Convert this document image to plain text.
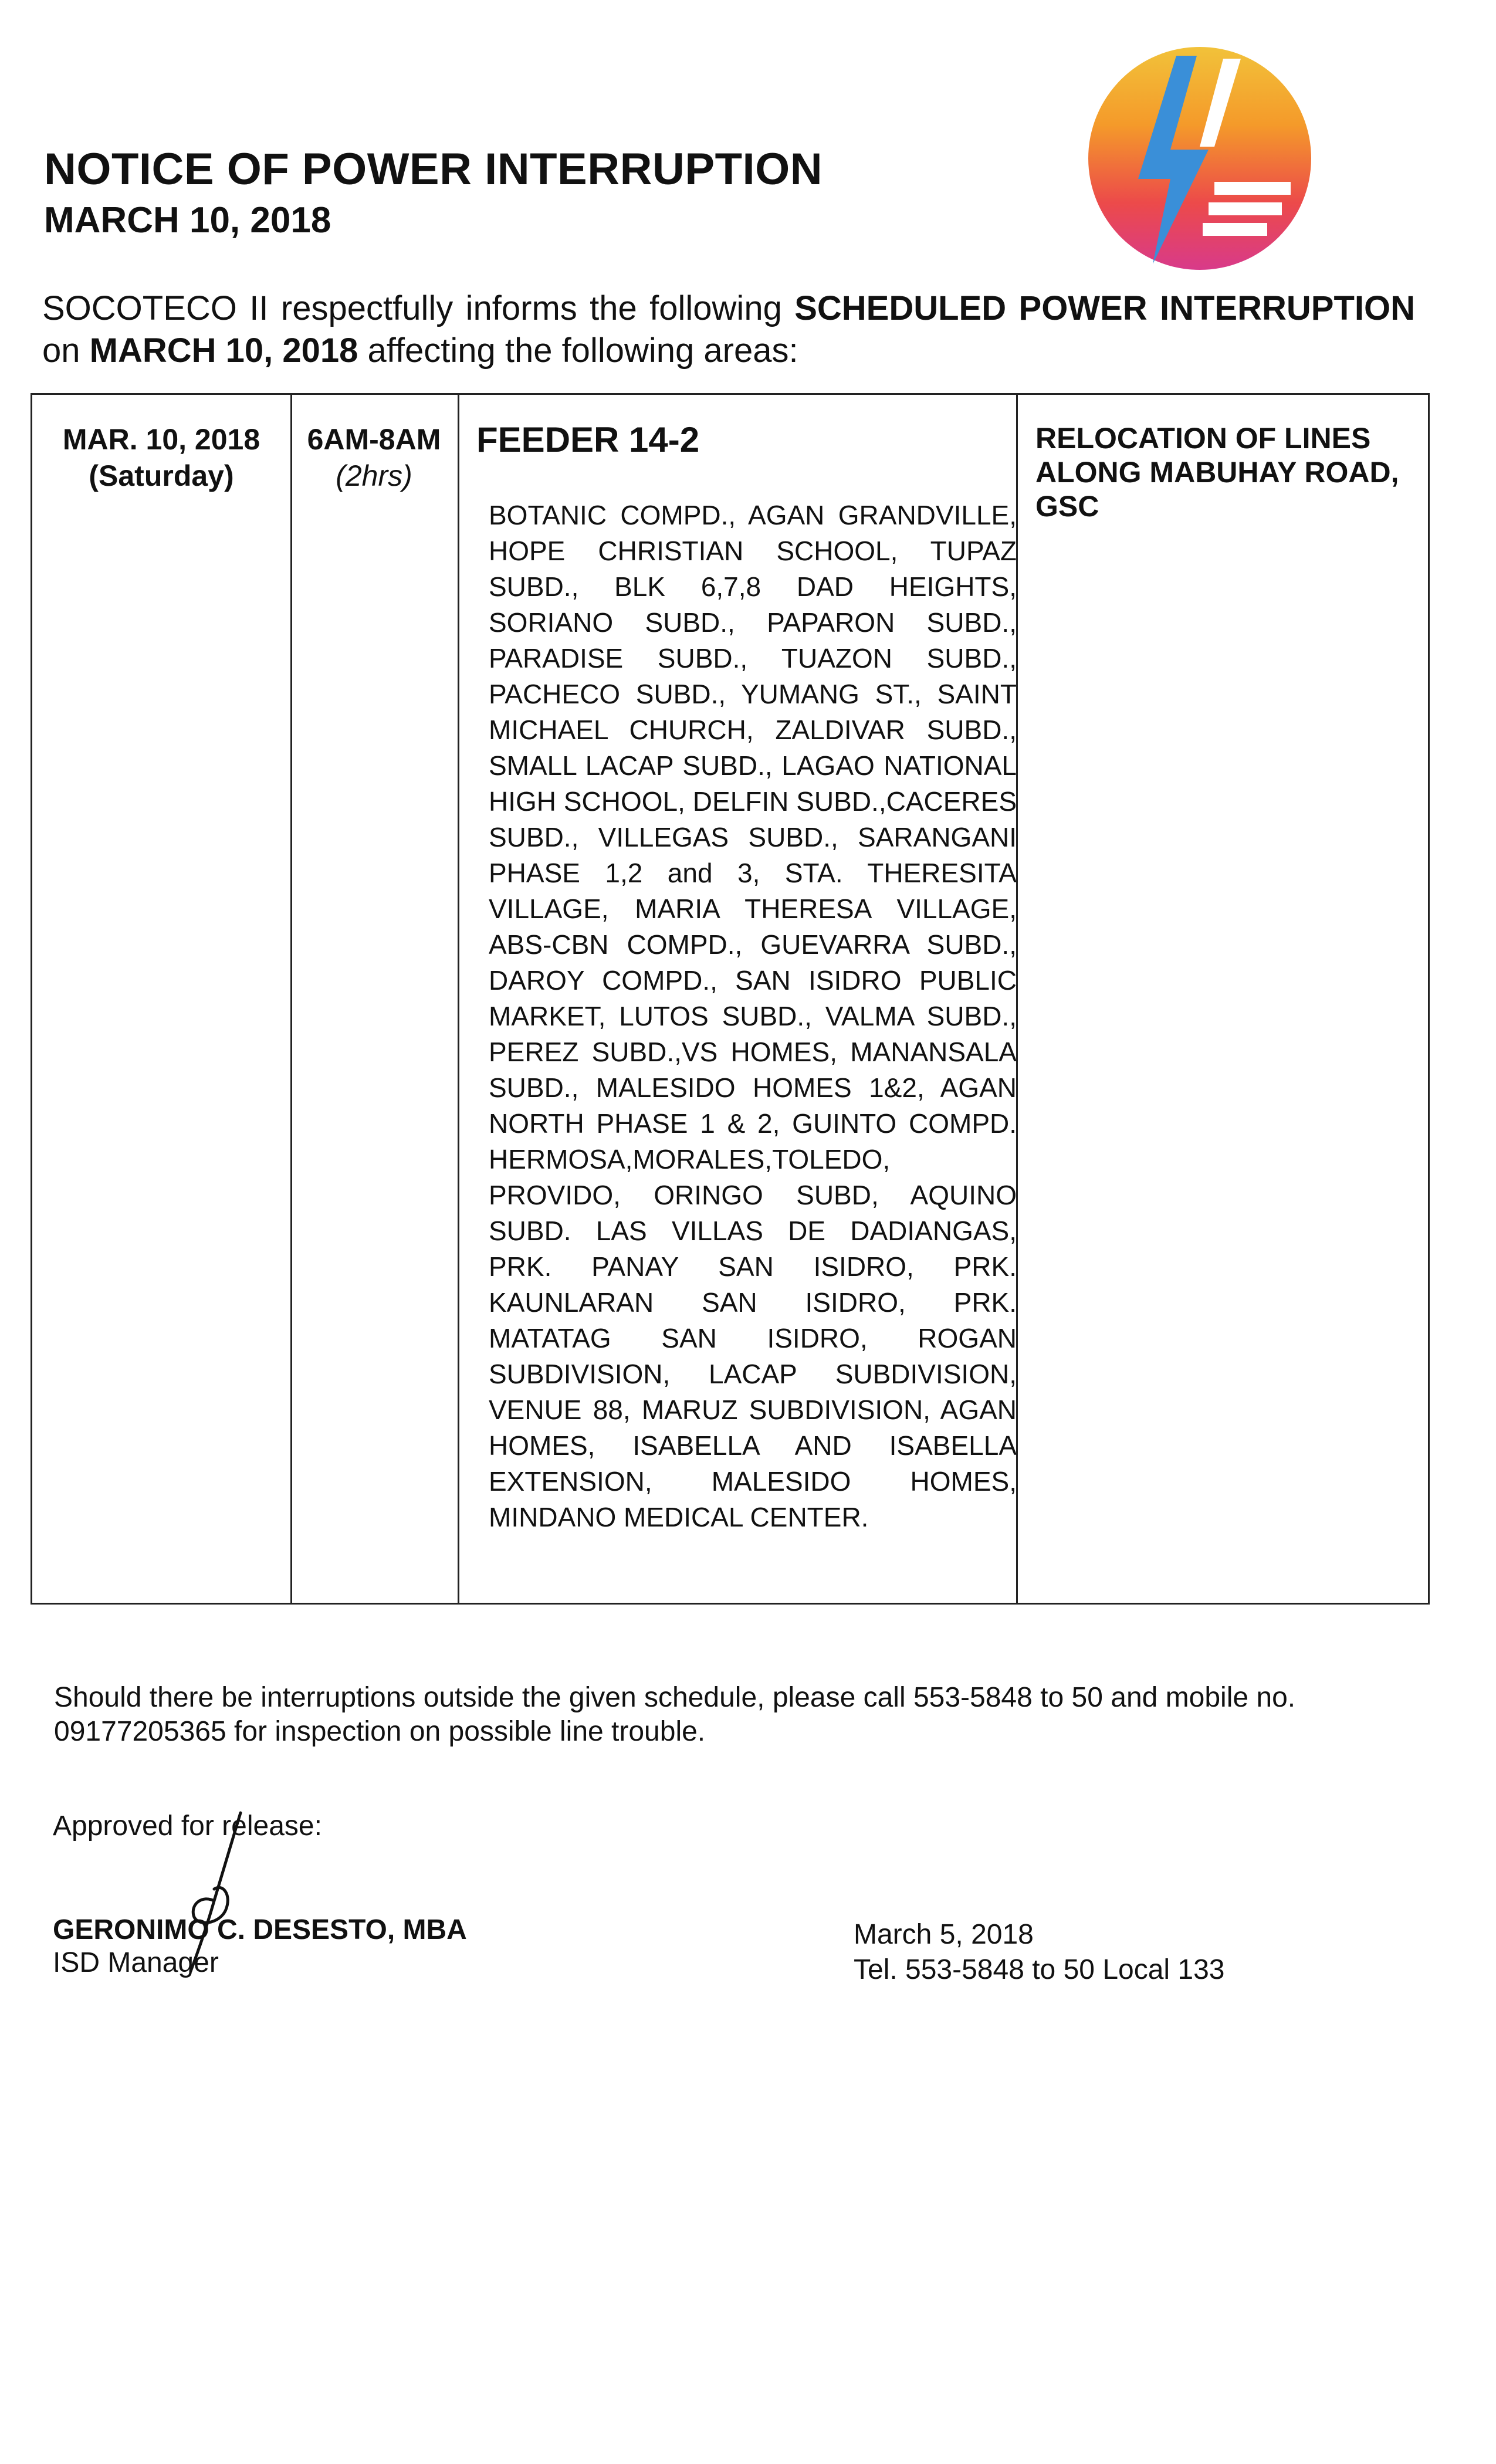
NOTICE OF POWER INTERRUPTION
MARCH 10, 2018
SOCOTECO II respectfully informs the following SCHEDULED POWER INTERRUPTION on MARCH 10, 2018 affecting the following areas:
MAR. 10, 2018
(Saturday)
6AM-8AM
(2hrs)
FEEDER 14-2
BOTANIC COMPD., AGAN GRANDVILLE, HOPE CHRISTIAN SCHOOL, TUPAZ SUBD., BLK 6,7,8 DAD HEIGHTS, SORIANO SUBD., PAPARON SUBD., PARADISE SUBD., TUAZON SUBD., PACHECO SUBD., YUMANG ST., SAINT MICHAEL CHURCH, ZALDIVAR SUBD., SMALL LACAP SUBD., LAGAO NATIONAL HIGH SCHOOL, DELFIN SUBD.,CACERES SUBD., VILLEGAS SUBD., SARANGANI PHASE 1,2 and 3, STA. THERESITA VILLAGE, MARIA THERESA VILLAGE, ABS-CBN COMPD., GUEVARRA SUBD., DAROY COMPD., SAN ISIDRO PUBLIC MARKET, LUTOS SUBD., VALMA SUBD., PEREZ SUBD.,VS HOMES, MANANSALA SUBD., MALESIDO HOMES 1&2, AGAN NORTH PHASE 1 & 2, GUINTO COMPD. HERMOSA,MORALES,TOLEDO, PROVIDO, ORINGO SUBD, AQUINO SUBD. LAS VILLAS DE DADIANGAS, PRK. PANAY SAN ISIDRO, PRK. KAUNLARAN SAN ISIDRO, PRK. MATATAG SAN ISIDRO, ROGAN SUBDIVISION, LACAP SUBDIVISION, VENUE 88, MARUZ SUBDIVISION, AGAN HOMES, ISABELLA AND ISABELLA EXTENSION, MALESIDO HOMES, MINDANO MEDICAL CENTER.
RELOCATION OF LINES ALONG MABUHAY ROAD, GSC
Should there be interruptions outside the given schedule, please call 553-5848 to 50 and mobile no. 09177205365 for inspection on possible line trouble.
Approved for release:
GERONIMO C. DESESTO, MBA
ISD Manager
March 5, 2018
Tel. 553-5848 to 50 Local 133
